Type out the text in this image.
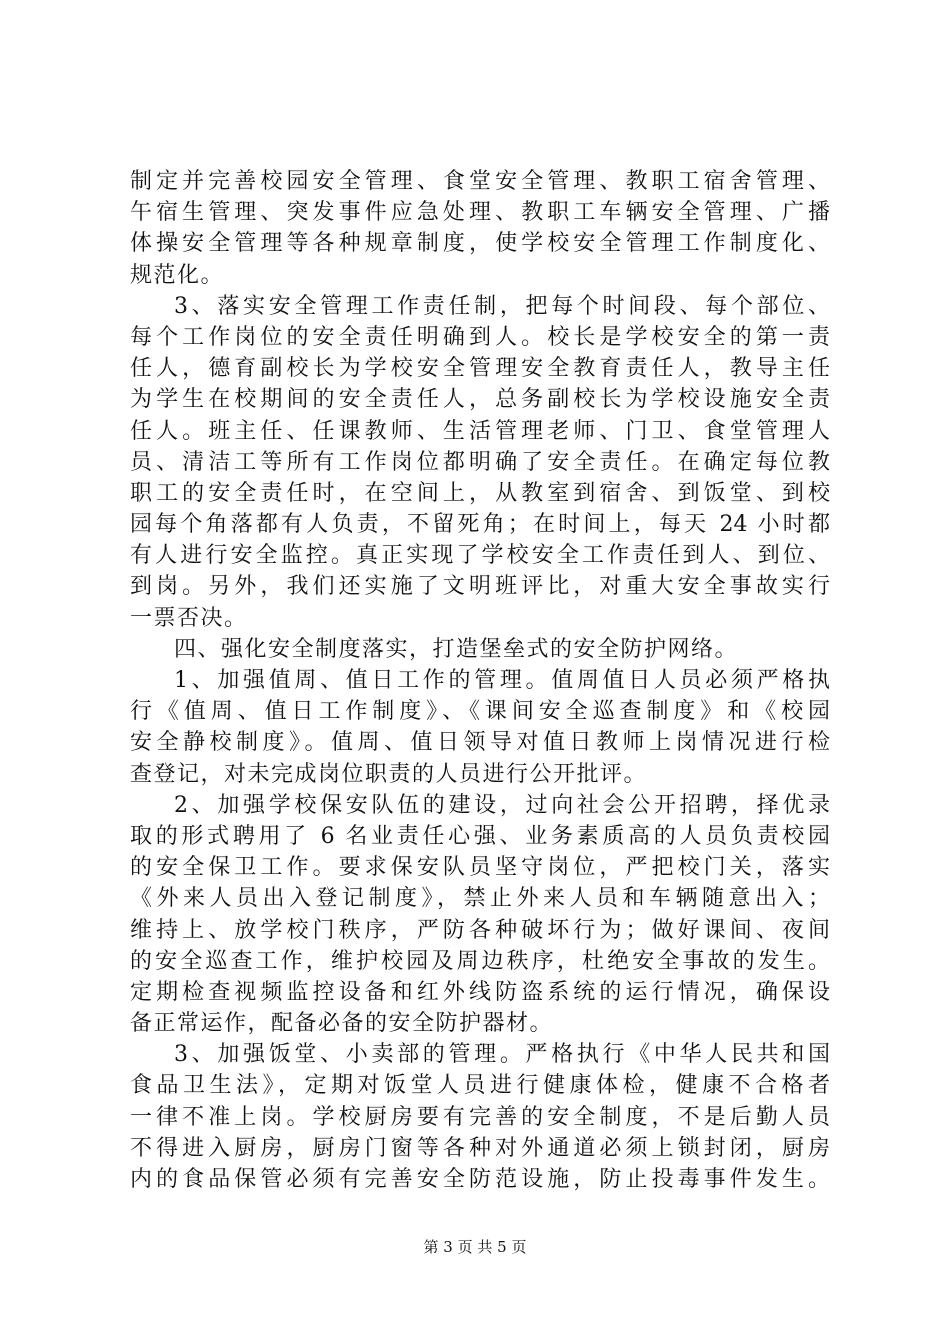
制定并完善校园安全管理、食堂安全管理、教职工宿舍管理、
午宿生管理、突发事件应急处理、教职工车辆安全管理、广播
体操安全管理等各种规章制度，使学校安全管理工作制度化、
规范化。
3、落实安全管理工作责任制，把每个时间段、每个部位、
每个工作岗位的安全责任明确到人。校长是学校安全的第一责
任人，德育副校长为学校安全管理安全教育责任人，教导主任
为学生在校期间的安全责任人，总务副校长为学校设施安全责
任人。班主任、任课教师、生活管理老师、门卫、食堂管理人
员、清洁工等所有工作岗位都明确了安全责任。在确定每位教
职工的安全责任时，在空间上，从教室到宿舍、到饭堂、到校
园每个角落都有人负责，不留死角；在时间上，每天 24 小时都
有人进行安全监控。真正实现了学校安全工作责任到人、到位、
到岗。另外，我们还实施了文明班评比，对重大安全事故实行
一票否决。
四、强化安全制度落实，打造堡垒式的安全防护网络。
1、加强值周、值日工作的管理。值周值日人员必须严格执
行《值周、值日工作制度》、《课间安全巡查制度》和《校园
安全静校制度》。值周、值日领导对值日教师上岗情况进行检
查登记，对未完成岗位职责的人员进行公开批评。
2、加强学校保安队伍的建设，过向社会公开招聘，择优录
取的形式聘用了 6 名业责任心强、业务素质高的人员负责校园
的安全保卫工作。要求保安队员坚守岗位，严把校门关，落实
《外来人员出入登记制度》，禁止外来人员和车辆随意出入；
维持上、放学校门秩序，严防各种破坏行为；做好课间、夜间
的安全巡查工作，维护校园及周边秩序，杜绝安全事故的发生。
定期检查视频监控设备和红外线防盗系统的运行情况，确保设
备正常运作，配备必备的安全防护器材。
3、加强饭堂、小卖部的管理。严格执行《中华人民共和国
食品卫生法》，定期对饭堂人员进行健康体检，健康不合格者
一律不准上岗。学校厨房要有完善的安全制度，不是后勤人员
不得进入厨房，厨房门窗等各种对外通道必须上锁封闭，厨房
内的食品保管必须有完善安全防范设施，防止投毒事件发生。
第 3 页 共 5 页
